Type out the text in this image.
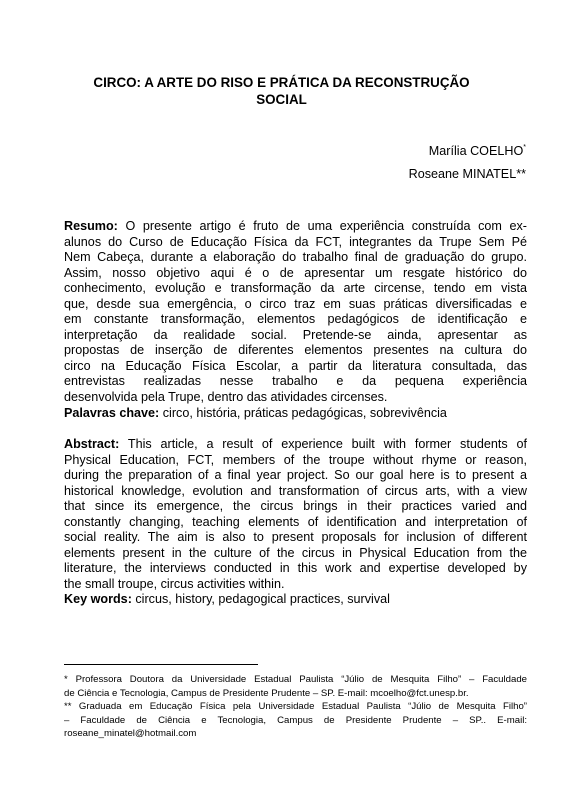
CIRCO: A ARTE DO RISO E PRÁTICA DA RECONSTRUÇÃO
SOCIAL
Marília COELHO*
Roseane MINATEL**
Resumo: O presente artigo é fruto de uma experiência construída com ex-
alunos do Curso de Educação Física da FCT, integrantes da Trupe Sem Pé
Nem Cabeça, durante a elaboração do trabalho final de graduação do grupo.
Assim, nosso objetivo aqui é o de apresentar um resgate histórico do
conhecimento, evolução e transformação da arte circense, tendo em vista
que, desde sua emergência, o circo traz em suas práticas diversificadas e
em constante transformação, elementos pedagógicos de identificação e
interpretação da realidade social. Pretende-se ainda, apresentar as
propostas de inserção de diferentes elementos presentes na cultura do
circo na Educação Física Escolar, a partir da literatura consultada, das
entrevistas realizadas nesse trabalho e da pequena experiência
desenvolvida pela Trupe, dentro das atividades circenses.
Palavras chave: circo, história, práticas pedagógicas, sobrevivência
Abstract: This article, a result of experience built with former students of
Physical Education, FCT, members of the troupe without rhyme or reason,
during the preparation of a final year project. So our goal here is to present a
historical knowledge, evolution and transformation of circus arts, with a view
that since its emergence, the circus brings in their practices varied and
constantly changing, teaching elements of identification and interpretation of
social reality. The aim is also to present proposals for inclusion of different
elements present in the culture of the circus in Physical Education from the
literature, the interviews conducted in this work and expertise developed by
the small troupe, circus activities within.
Key words: circus, history, pedagogical practices, survival
* Professora Doutora da Universidade Estadual Paulista “Júlio de Mesquita Filho” – Faculdade
de Ciência e Tecnologia, Campus de Presidente Prudente – SP. E-mail: mcoelho@fct.unesp.br.
** Graduada em Educação Física pela Universidade Estadual Paulista “Júlio de Mesquita Filho”
– Faculdade de Ciência e Tecnologia, Campus de Presidente Prudente – SP.. E-mail:
roseane_minatel@hotmail.com
